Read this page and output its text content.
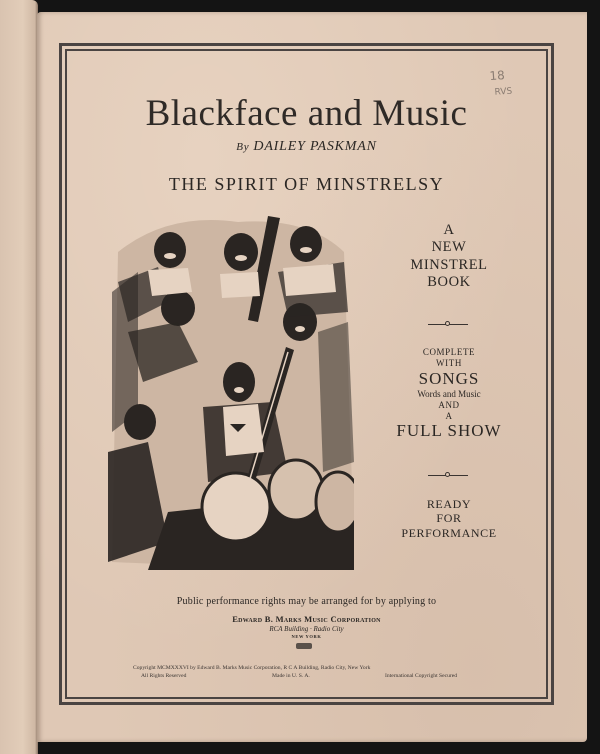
18
RVS
Blackface and Music
By DAILEY PASKMAN
THE SPIRIT OF MINSTRELSY
A
NEW
MINSTREL
BOOK
COMPLETE
WITH
SONGS
Words and Music
AND
A
FULL SHOW
READY
FOR
PERFORMANCE
Public performance rights may be arranged for by applying to
Edward B. Marks Music Corporation
RCA Building · Radio City
NEW YORK
Copyright MCMXXXVI by Edward B. Marks Music Corporation, R C A Building, Radio City, New York
All Rights Reserved	Made in U. S. A.	International Copyright Secured
